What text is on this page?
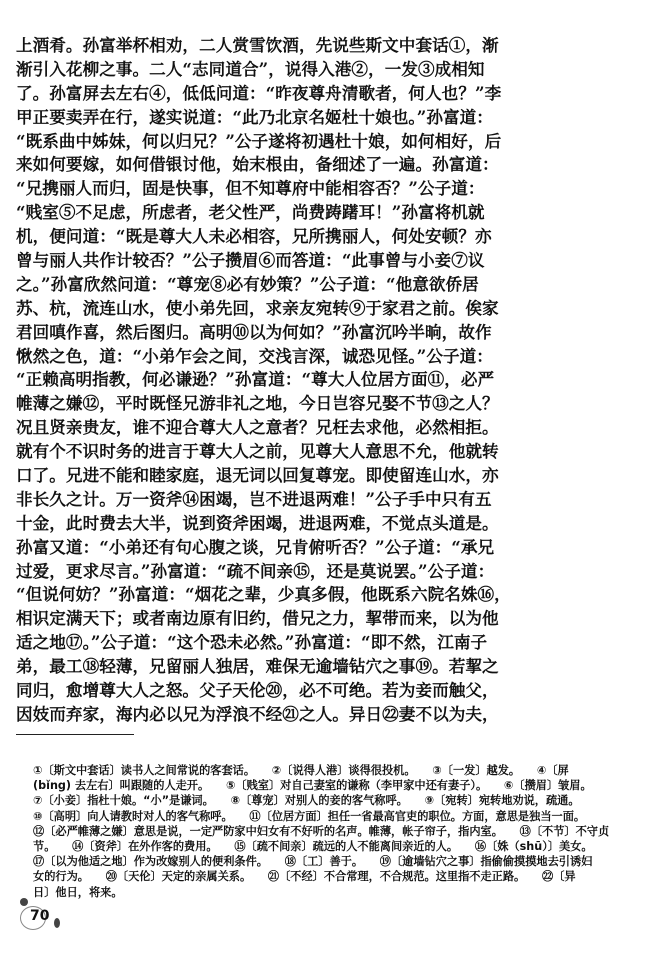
上酒肴。孙富举杯相劝，二人赏雪饮酒，先说些斯文中套话①，渐
渐引入花柳之事。二人“志同道合”，说得入港②，一发③成相知
了。孙富屏去左右④，低低问道：“昨夜尊舟清歌者，何人也？”李
甲正要卖弄在行，遂实说道：“此乃北京名姬杜十娘也。”孙富道：
“既系曲中姊妹，何以归兄？”公子遂将初遇杜十娘，如何相好，后
来如何要嫁，如何借银讨他，始末根由，备细述了一遍。孙富道：
“兄携丽人而归，固是快事，但不知尊府中能相容否？”公子道：
“贱室⑤不足虑，所虑者，老父性严，尚费踌躇耳！”孙富将机就
机，便问道：“既是尊大人未必相容，兄所携丽人，何处安顿？亦
曾与丽人共作计较否？”公子攒眉⑥而答道：“此事曾与小妾⑦议
之。”孙富欣然问道：“尊宠⑧必有妙策？”公子道：“他意欲侨居
苏、杭，流连山水，使小弟先回，求亲友宛转⑨于家君之前。俟家
君回嗔作喜，然后图归。高明⑩以为何如？”孙富沉吟半晌，故作
愀然之色，道：“小弟乍会之间，交浅言深，诚恐见怪。”公子道：
“正赖高明指教，何必谦逊？”孙富道：“尊大人位居方面⑪，必严
帷薄之嫌⑫，平时既怪兄游非礼之地，今日岂容兄娶不节⑬之人？
况且贤亲贵友，谁不迎合尊大人之意者？兄枉去求他，必然相拒。
就有个不识时务的进言于尊大人之前，见尊大人意思不允，他就转
口了。兄进不能和睦家庭，退无词以回复尊宠。即使留连山水，亦
非长久之计。万一资斧⑭困竭，岂不进退两难！”公子手中只有五
十金，此时费去大半，说到资斧困竭，进退两难，不觉点头道是。
孙富又道：“小弟还有句心腹之谈，兄肯俯听否？”公子道：“承兄
过爱，更求尽言。”孙富道：“疏不间亲⑮，还是莫说罢。”公子道：
“但说何妨？”孙富道：“烟花之辈，少真多假，他既系六院名姝⑯，
相识定满天下；或者南边原有旧约，借兄之力，挈带而来，以为他
适之地⑰。”公子道：“这个恐未必然。”孙富道：“即不然，江南子
弟，最工⑱轻薄，兄留丽人独居，难保无逾墙钻穴之事⑲。若挈之
同归，愈增尊大人之怒。父子天伦⑳，必不可绝。若为妾而触父，
因妓而弃家，海内必以兄为浮浪不经㉑之人。异日㉒妻不以为夫，
①〔斯文中套话〕读书人之间常说的客套话。　　②〔说得人港〕谈得很投机。　　③〔一发〕越发。　　④〔屏
(bǐng) 去左右〕叫跟随的人走开。　　⑤〔贱室〕对自己妻室的谦称（李甲家中还有妻子）。　　⑥〔攒眉〕皱眉。
⑦〔小妾〕指杜十娘。“小”是谦词。　　⑧〔尊宠〕对别人的妾的客气称呼。　　⑨〔宛转〕宛转地劝说，疏通。
⑩〔高明〕向人请教时对人的客气称呼。　　⑪〔位居方面〕担任一省最高官吏的职位。方面，意思是独当一面。
⑫〔必严帷薄之嫌〕意思是说，一定严防家中妇女有不好听的名声。帷薄，帐子帘子，指内室。　　⑬〔不节〕不守贞
节。　　⑭〔资斧〕在外作客的费用。　　⑮〔疏不间亲〕疏远的人不能离间亲近的人。　　⑯〔姝（shū）〕美女。
⑰〔以为他适之地〕作为改嫁别人的便利条件。　　⑱〔工〕善于。　　⑲〔逾墙钻穴之事〕指偷偷摸摸地去引诱妇
女的行为。　　⑳〔天伦〕天定的亲属关系。　　㉑〔不经〕不合常理，不合规范。这里指不走正路。　　㉒〔异
日〕他日，将来。
70
